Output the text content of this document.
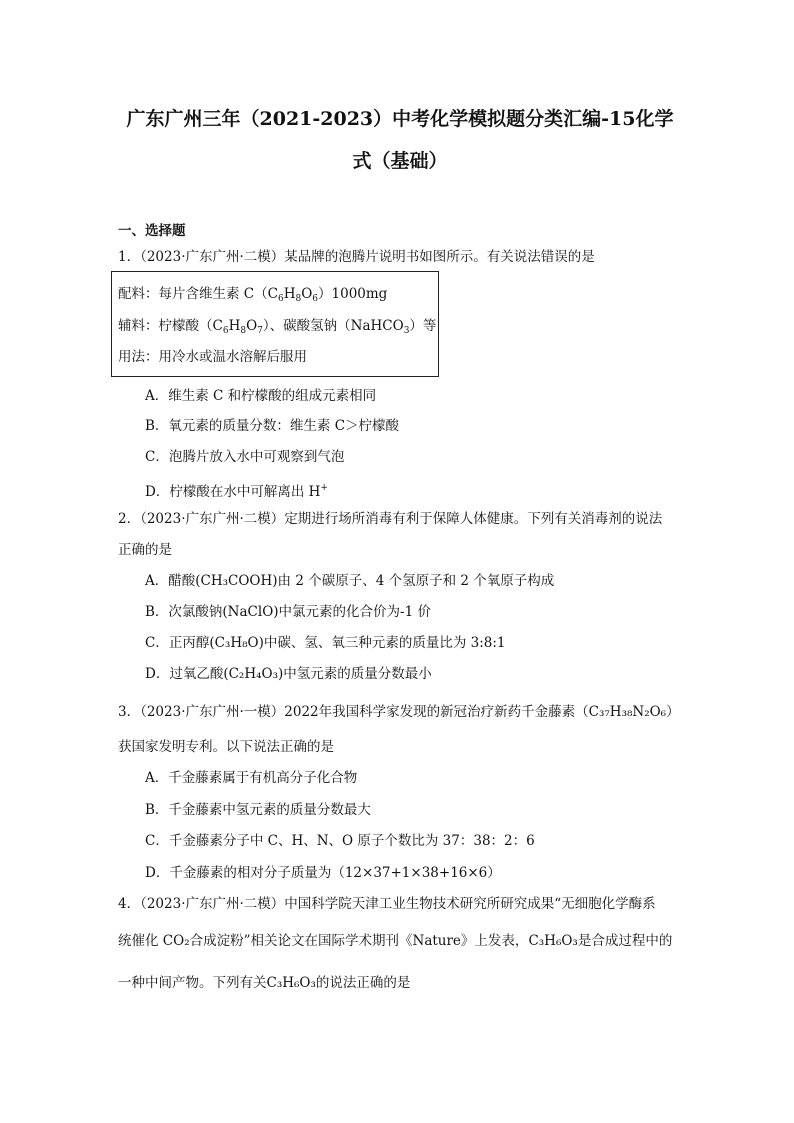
广东广州三年（2021-2023）中考化学模拟题分类汇编-15化学
式（基础）
一、选择题
1．（2023·广东广州·二模）某品牌的泡腾片说明书如图所示。有关说法错误的是
配料：每片含维生素 $C(C_6H_8O_6)1000mg$
辅料：柠檬酸$(C_6H_8O_7)$、碳酸氢钠（NaHCO$_3$）等
用法：用冷水或温水溶解后服用
A．维生素 C 和柠檬酸的组成元素相同
B．氧元素的质量分数：维生素 C＞柠檬酸
C．泡腾片放入水中可观察到气泡
D．柠檬酸在水中可解离出 H+
2．（2023·广东广州·二模）定期进行场所消毒有利于保障人体健康。下列有关消毒剂的说法
正确的是
A．醋酸(CH₃COOH)由 2 个碳原子、4 个氢原子和 2 个氧原子构成
B．次氯酸钠(NaClO)中氯元素的化合价为-1 价
C．正丙醇(C₃H₈O)中碳、氢、氧三种元素的质量比为 3:8:1
D．过氧乙酸(C₂H₄O₃)中氢元素的质量分数最小
3．（2023·广东广州·一模）2022年我国科学家发现的新冠治疗新药千金藤素（C₃₇H₃₈N₂O₆）
获国家发明专利。以下说法正确的是
A．千金藤素属于有机高分子化合物
B．千金藤素中氢元素的质量分数最大
C．千金藤素分子中 C、H、N、O 原子个数比为 37：38：2：6
D．千金藤素的相对分子质量为（12×37+1×38+16×6）
4．（2023·广东广州·二模）中国科学院天津工业生物技术研究所研究成果“无细胞化学酶系
统催化 CO₂合成淀粉”相关论文在国际学术期刊《Nature》上发表，C₃H₆O₃是合成过程中的
一种中间产物。下列有关C₃H₆O₃的说法正确的是
